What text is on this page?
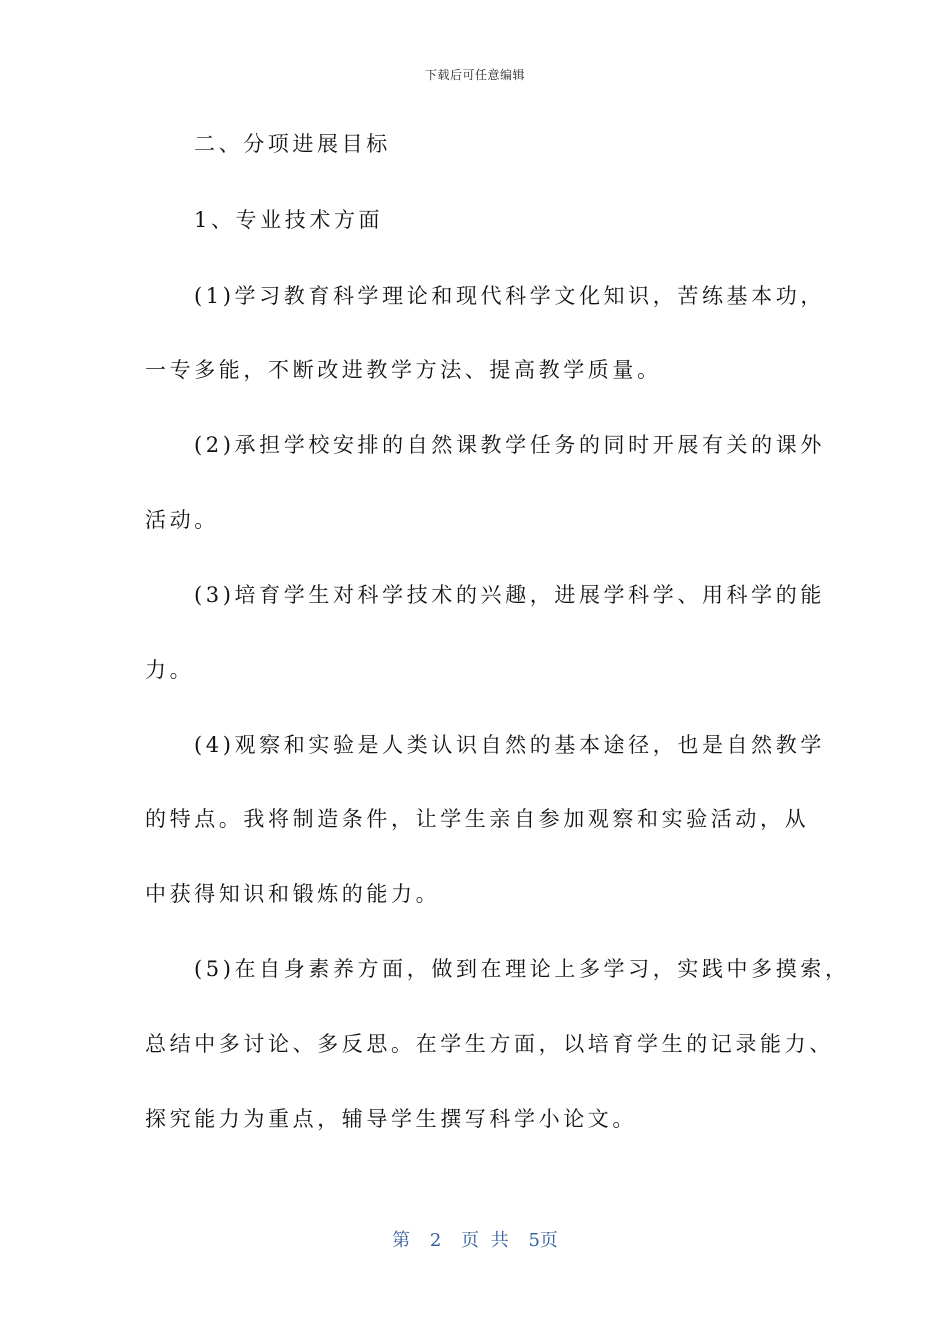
下载后可任意编辑
二、分项进展目标
1、专业技术方面
(1)学习教育科学理论和现代科学文化知识，苦练基本功，
一专多能，不断改进教学方法、提高教学质量。
(2)承担学校安排的自然课教学任务的同时开展有关的课外
活动。
(3)培育学生对科学技术的兴趣，进展学科学、用科学的能
力。
(4)观察和实验是人类认识自然的基本途径，也是自然教学
的特点。我将制造条件，让学生亲自参加观察和实验活动，从
中获得知识和锻炼的能力。
(5)在自身素养方面，做到在理论上多学习，实践中多摸索，
总结中多讨论、多反思。在学生方面，以培育学生的记录能力、
探究能力为重点，辅导学生撰写科学小论文。
第 2 页 共 5页
